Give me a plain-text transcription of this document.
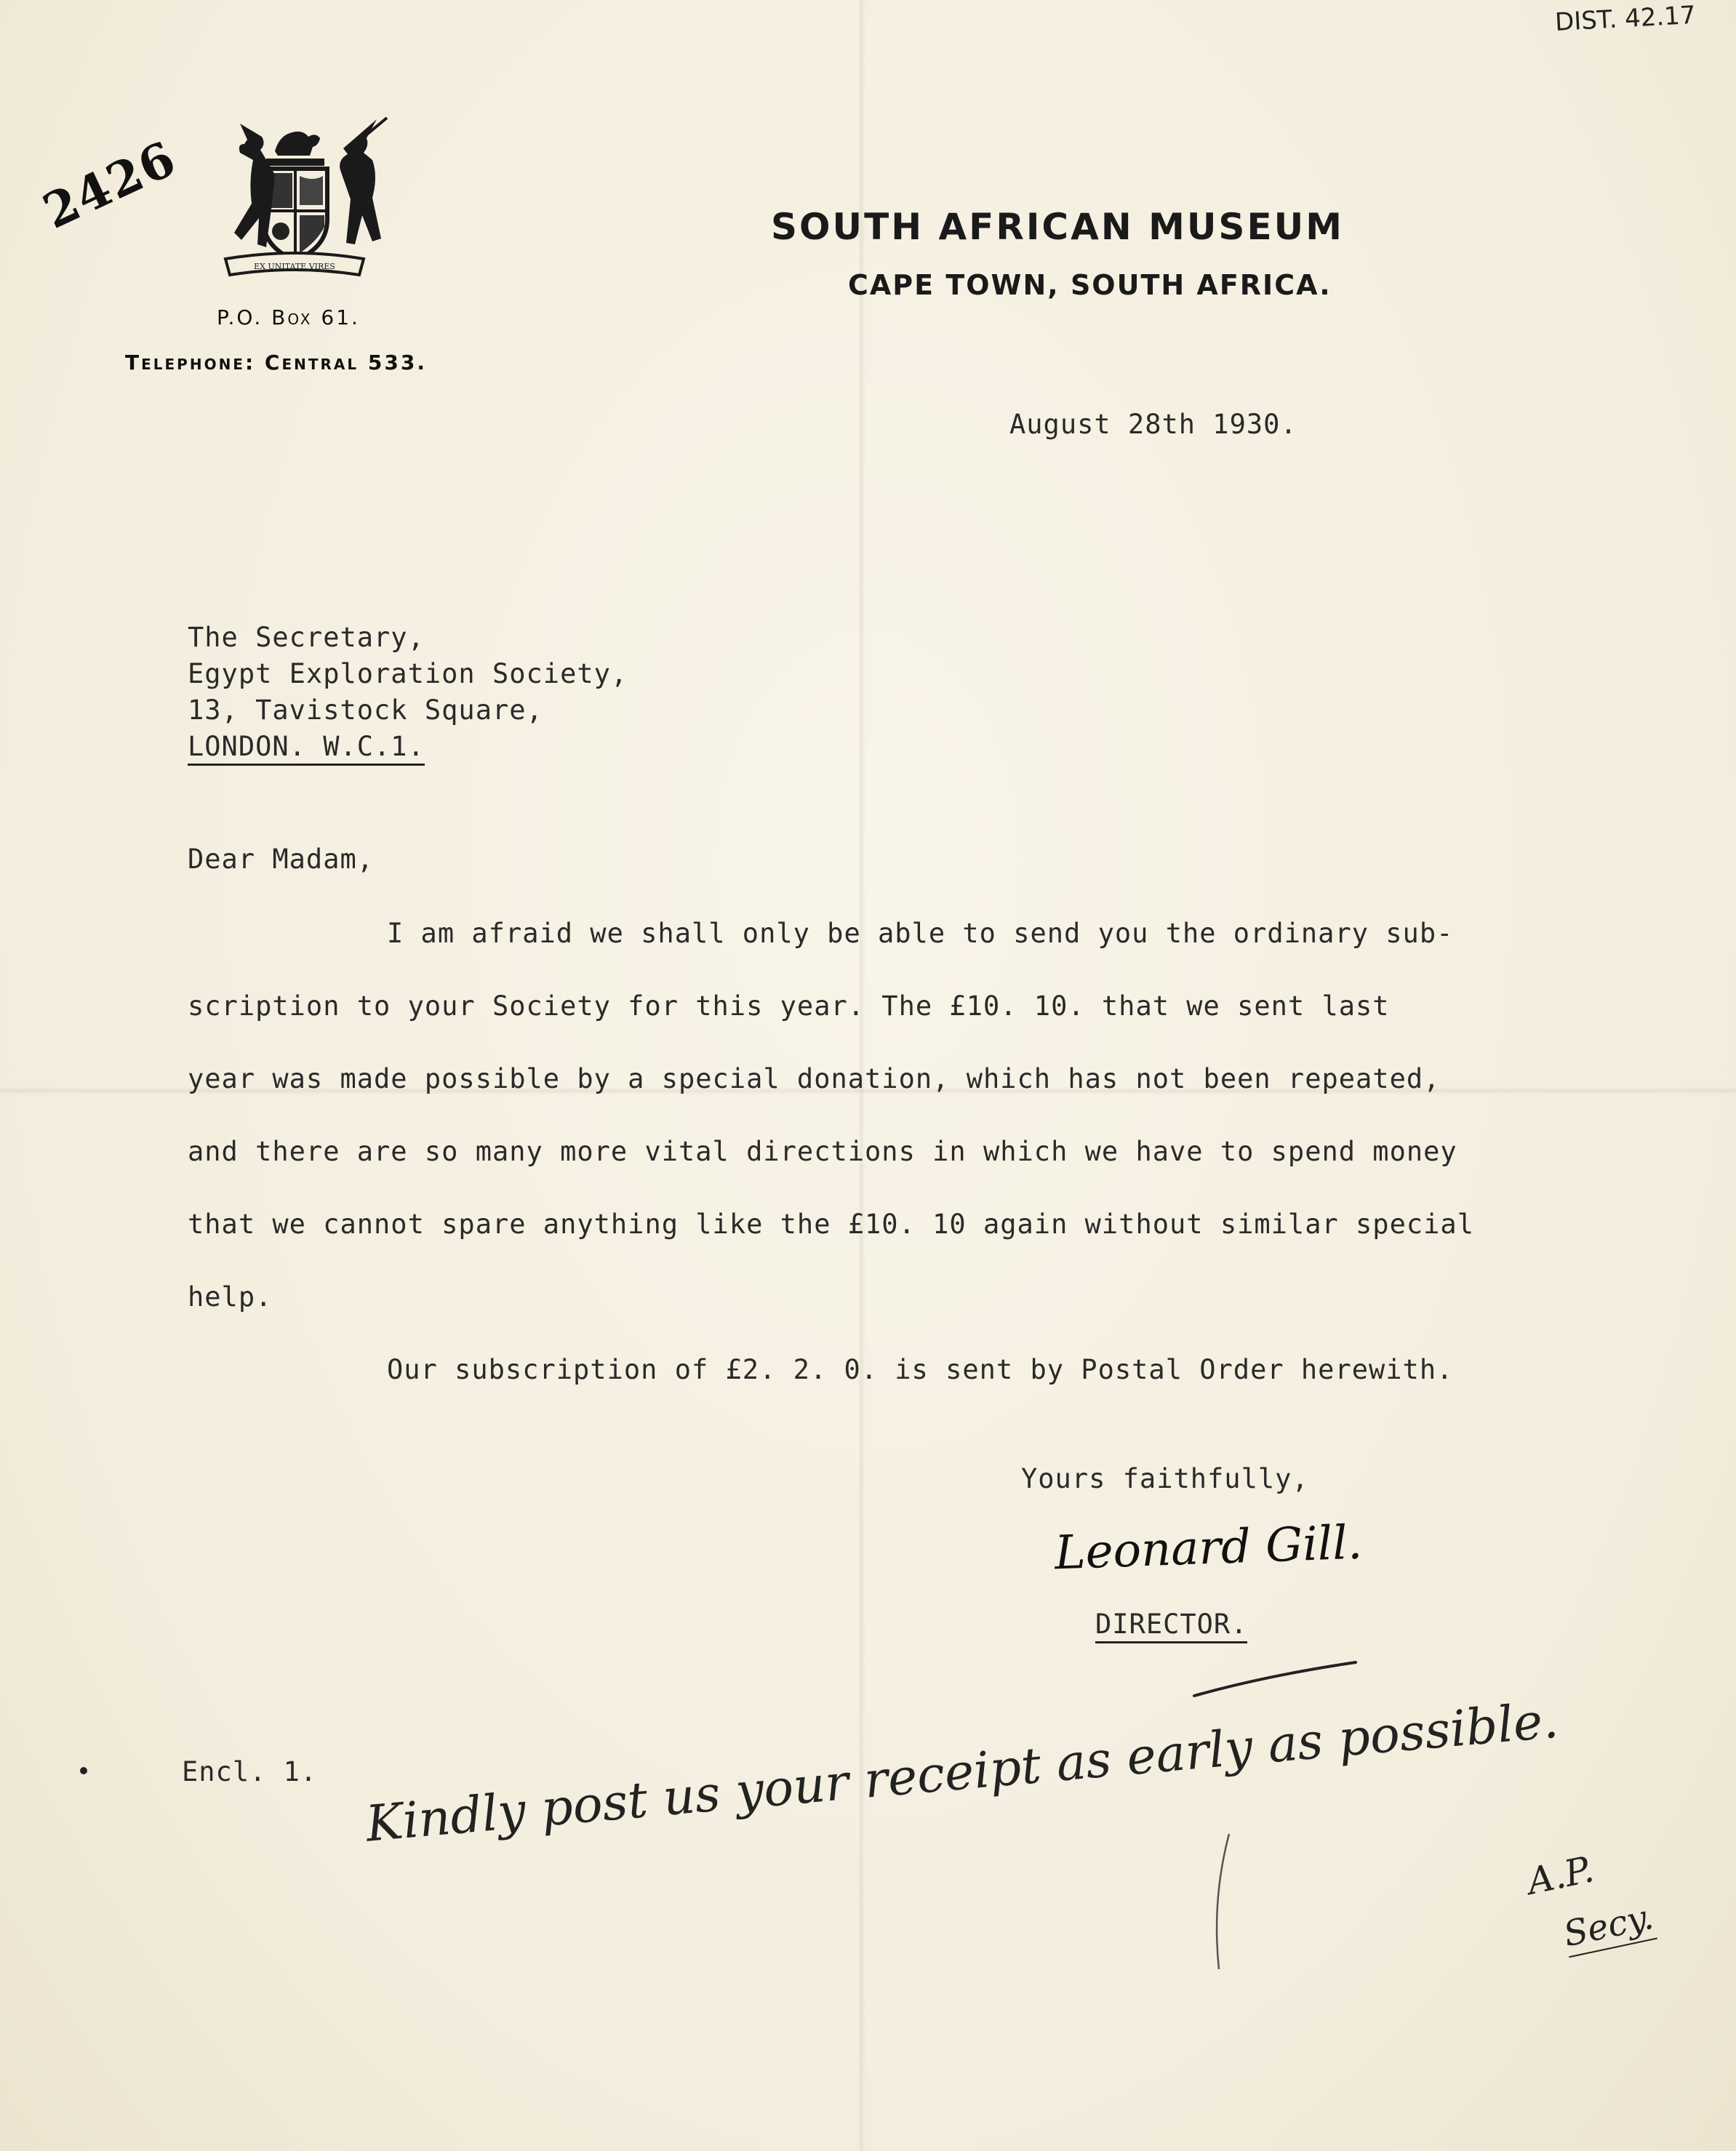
DIST. 42.17
2426
EX UNITATE VIRES
SOUTH AFRICAN MUSEUM
CAPE TOWN, SOUTH AFRICA.
P.O. Box 61.
Telephone: Central 533.
August 28th 1930.
The Secretary,
Egypt Exploration Society,
13, Tavistock Square,
LONDON. W.C.1.
Dear Madam,
I am afraid we shall only be able to send you the ordinary sub-
scription to your Society for this year. The £10. 10. that we sent last
year was made possible by a special donation, which has not been repeated,
and there are so many more vital directions in which we have to spend money
that we cannot spare anything like the £10. 10 again without similar special
help.
Our subscription of £2. 2. 0. is sent by Postal Order herewith.
Yours faithfully,
Leonard Gill.
DIRECTOR.
Encl. 1. Kindly post us your receipt as early as possible.
A.P.
Secy.
